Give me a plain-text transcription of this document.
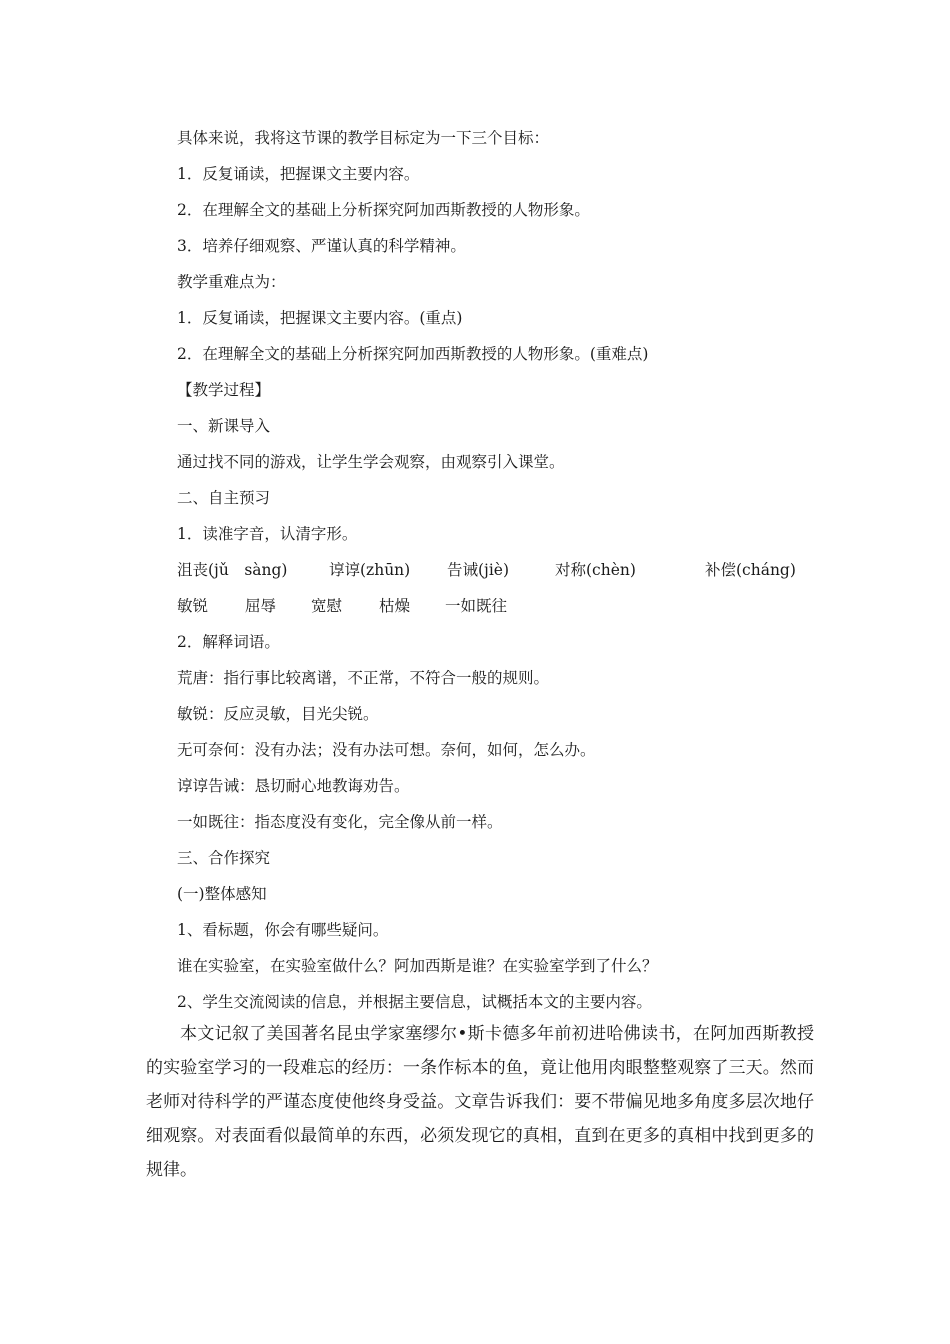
具体来说，我将这节课的教学目标定为一下三个目标：
1．反复诵读，把握课文主要内容。
2．在理解全文的基础上分析探究阿加西斯教授的人物形象。
3．培养仔细观察、严谨认真的科学精神。
教学重难点为：
1．反复诵读，把握课文主要内容。(重点)
2．在理解全文的基础上分析探究阿加西斯教授的人物形象。(重难点)
【教学过程】
一、新课导入
通过找不同的游戏，让学生学会观察，由观察引入课堂。
二、自主预习
1．读准字音，认清字形。
沮丧(jǔ　sàng)	谆谆(zhūn) 告诫(jiè)	对称(chèn)	补偿(cháng)
敏锐 屈辱 宽慰 枯燥 一如既往
2．解释词语。
荒唐：指行事比较离谱，不正常，不符合一般的规则。
敏锐：反应灵敏，目光尖锐。
无可奈何：没有办法；没有办法可想。奈何，如何，怎么办。
谆谆告诫：恳切耐心地教诲劝告。
一如既往：指态度没有变化，完全像从前一样。
三、合作探究
(一)整体感知
1、看标题，你会有哪些疑问。
谁在实验室，在实验室做什么？阿加西斯是谁？在实验室学到了什么？
2、学生交流阅读的信息，并根据主要信息，试概括本文的主要内容。
本文记叙了美国著名昆虫学家塞缪尔•斯卡德多年前初进哈佛读书，在阿加西斯教授的实验室学习的一段难忘的经历：一条作标本的鱼，竟让他用肉眼整整观察了三天。然而老师对待科学的严谨态度使他终身受益。文章告诉我们：要不带偏见地多角度多层次地仔细观察。对表面看似最简单的东西，必须发现它的真相，直到在更多的真相中找到更多的规律。
